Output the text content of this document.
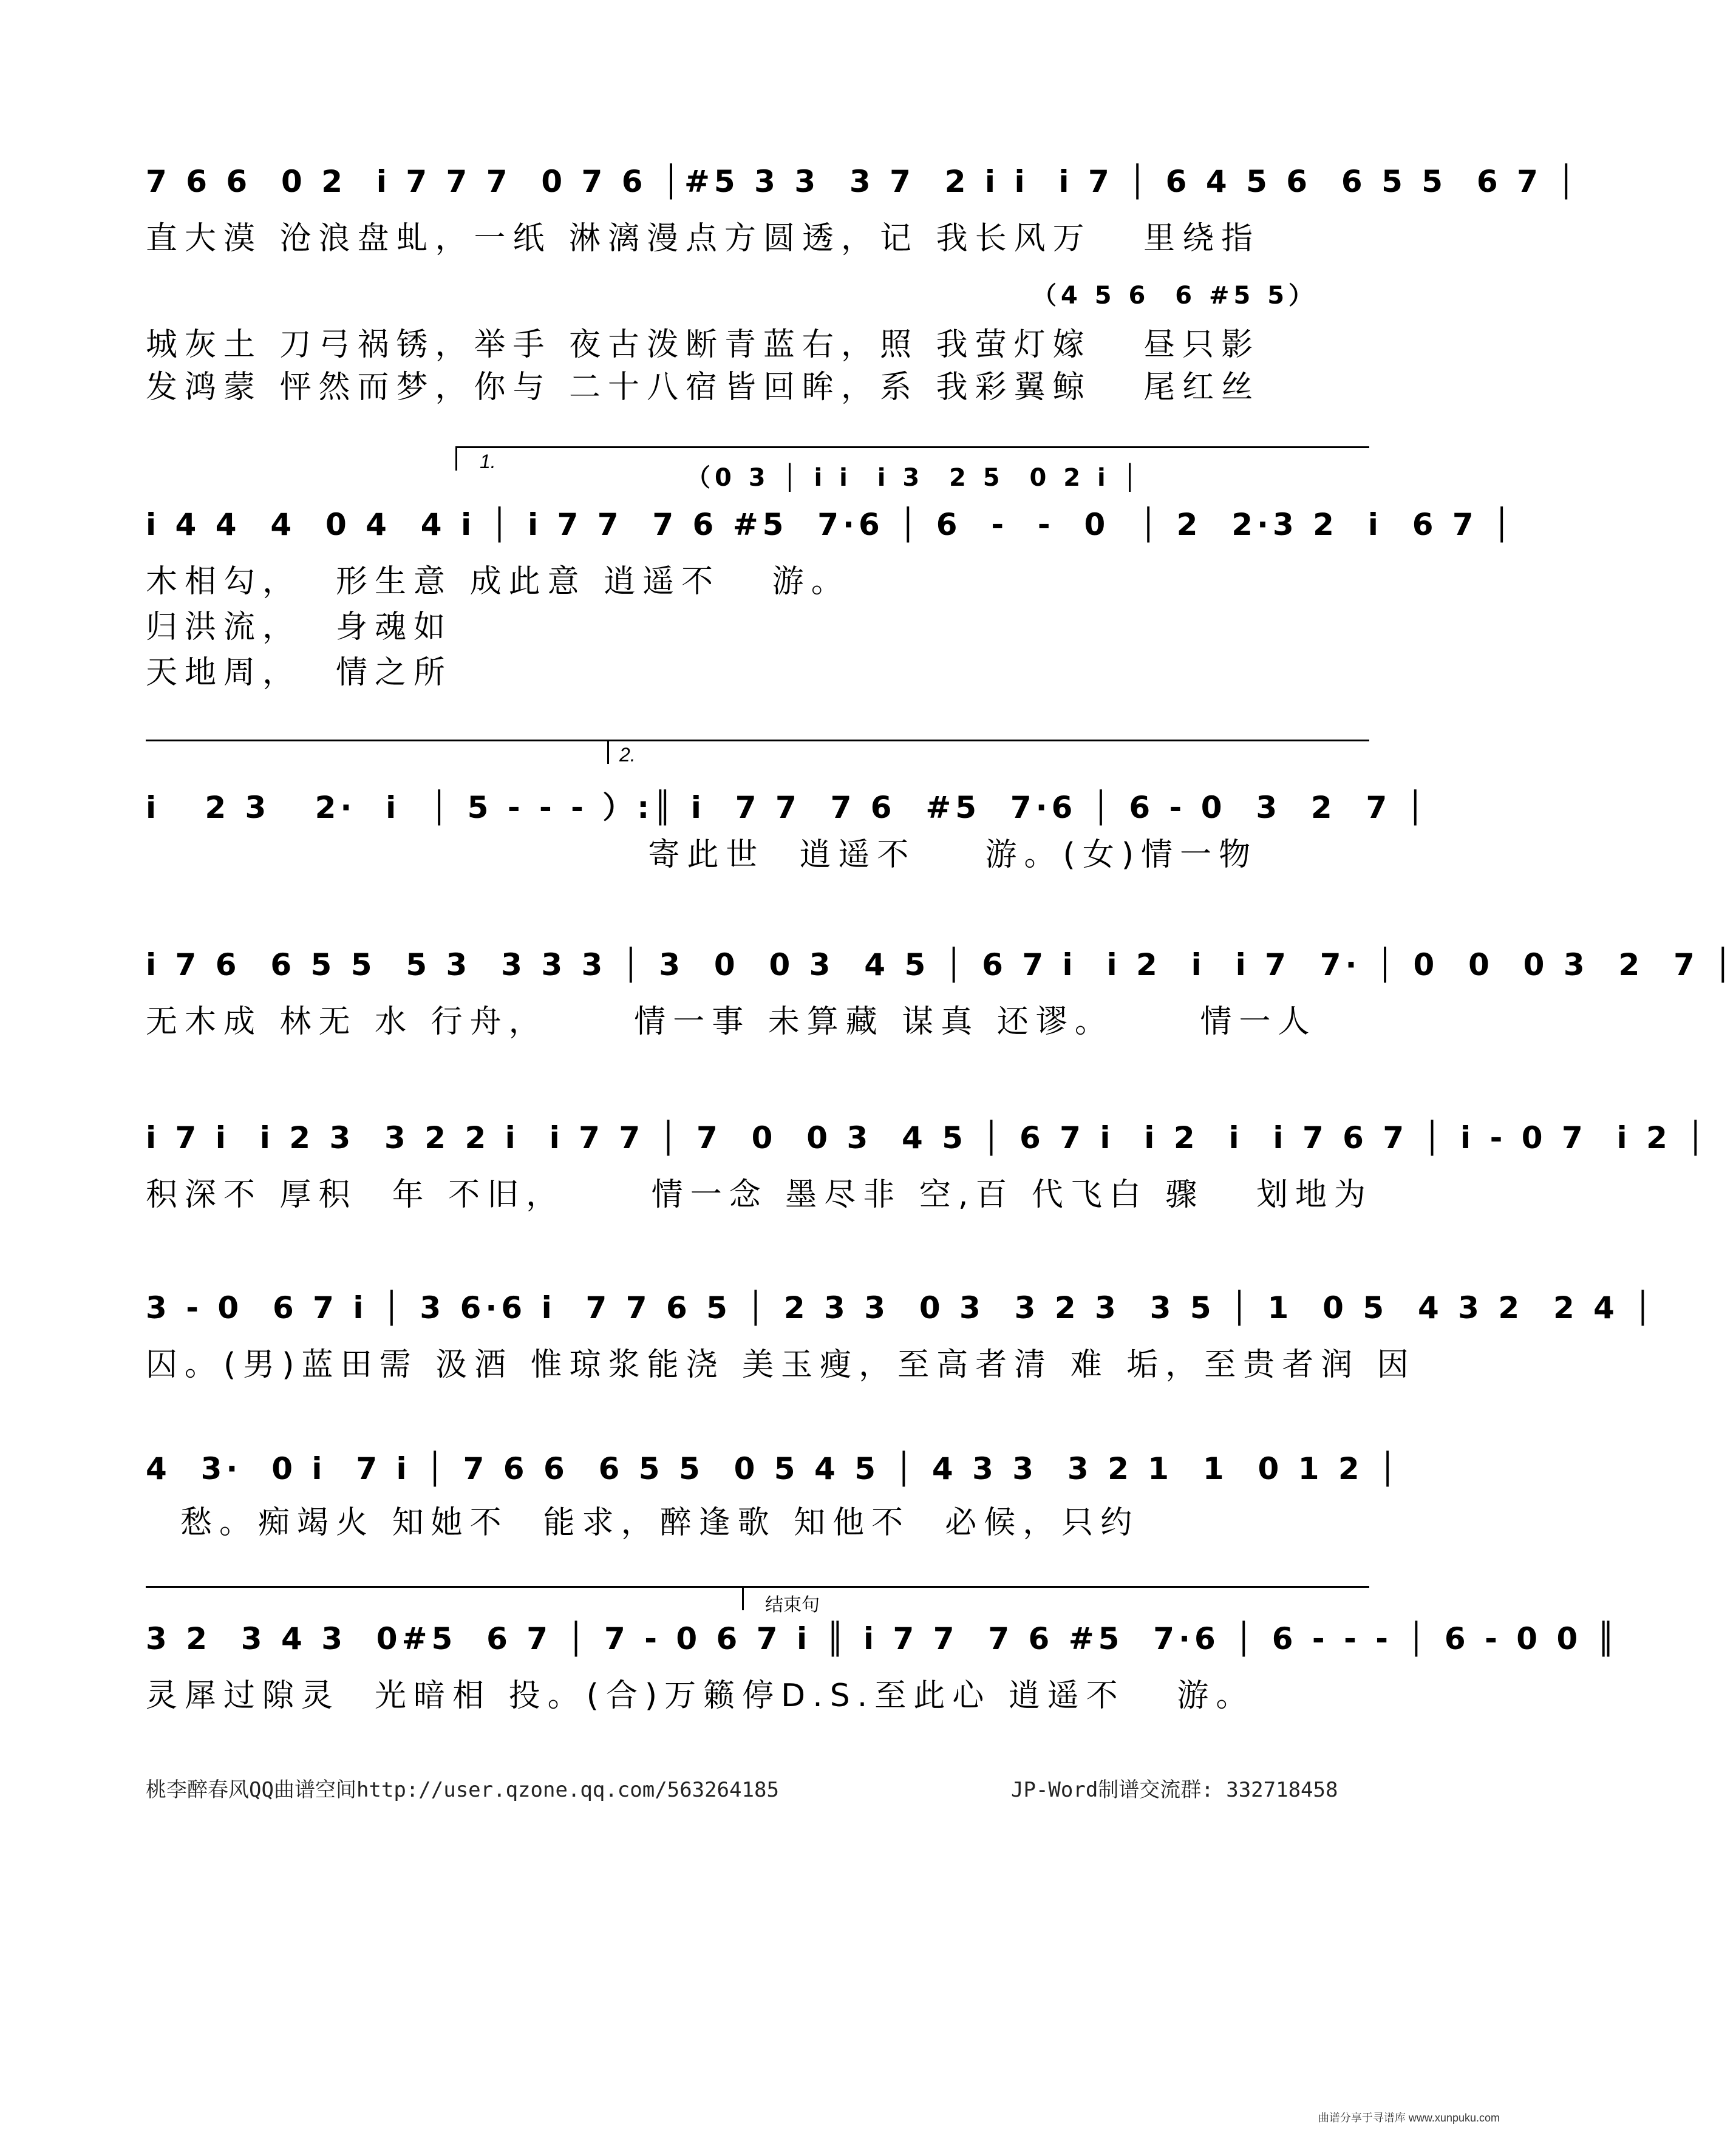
7 6 6  0 2  i 7 7 7  0 7 6 │#5 3 3  3 7  2 i i  i 7 │ 6 4 5 6  6 5 5  6 7 │
直大漠 沧浪盘虬，一纸 淋漓漫点方圆透，记 我长风万   里绕指
（4 5 6  6 #5 5）
城灰土 刀弓祸锈，举手 夜古泼断青蓝右，照 我萤灯嫁   昼只影
发鸿蒙 怦然而梦，你与 二十八宿皆回眸，系 我彩翼鲸   尾红丝
1.
（0 3 │ i i  i 3  2 5  0 2 i │
i 4 4  4  0 4  4 i │ i 7 7  7 6 #5  7·6 │ 6  -  -  0  │ 2  2·3 2  i  6 7 │
木相勾，  形生意 成此意 逍遥不   游。
归洪流，  身魂如
天地周，  情之所
2.
i   2 3   2·  i  │ 5 - - - ）:║ i  7 7  7 6  #5  7·6 │ 6 - 0  3  2  7 │
寄此世  逍遥不    游。(女)情一物
i 7 6  6 5 5  5 3  3 3 3 │ 3  0  0 3  4 5 │ 6 7 i  i 2  i  i 7  7· │ 0  0  0 3  2  7 │
无木成 林无 水 行舟，     情一事 未算藏 谋真 还谬。     情一人
i 7 i  i 2 3  3 2 2 i  i 7 7 │ 7  0  0 3  4 5 │ 6 7 i  i 2  i  i 7 6 7 │ i - 0 7  i 2 │
积深不 厚积  年 不旧，     情一念 墨尽非 空,百 代飞白 骤   划地为
3 - 0  6 7 i │ 3 6·6 i  7 7 6 5 │ 2 3 3  0 3  3 2 3  3 5 │ 1  0 5  4 3 2  2 4 │
囚。(男)蓝田需 汲酒 惟琼浆能浇 美玉瘦，至高者清 难 垢，至贵者润 因
4  3·  0 i  7 i │ 7 6 6  6 5 5  0 5 4 5 │ 4 3 3  3 2 1  1  0 1 2 │
愁。痴竭火 知她不  能求，醉逢歌 知他不  必候，只约
结束句
3 2  3 4 3  0#5  6 7 │ 7 - 0 6 7 i ║ i 7 7  7 6 #5  7·6 │ 6 - - - │ 6 - 0 0 ║
灵犀过隙灵  光暗相 投。(合)万籁停D.S.至此心 逍遥不   游。
桃李醉春风QQ曲谱空间http://user.qzone.qq.com/563264185	JP-Word制谱交流群: 332718458
曲谱分享于寻谱库 www.xunpuku.com
